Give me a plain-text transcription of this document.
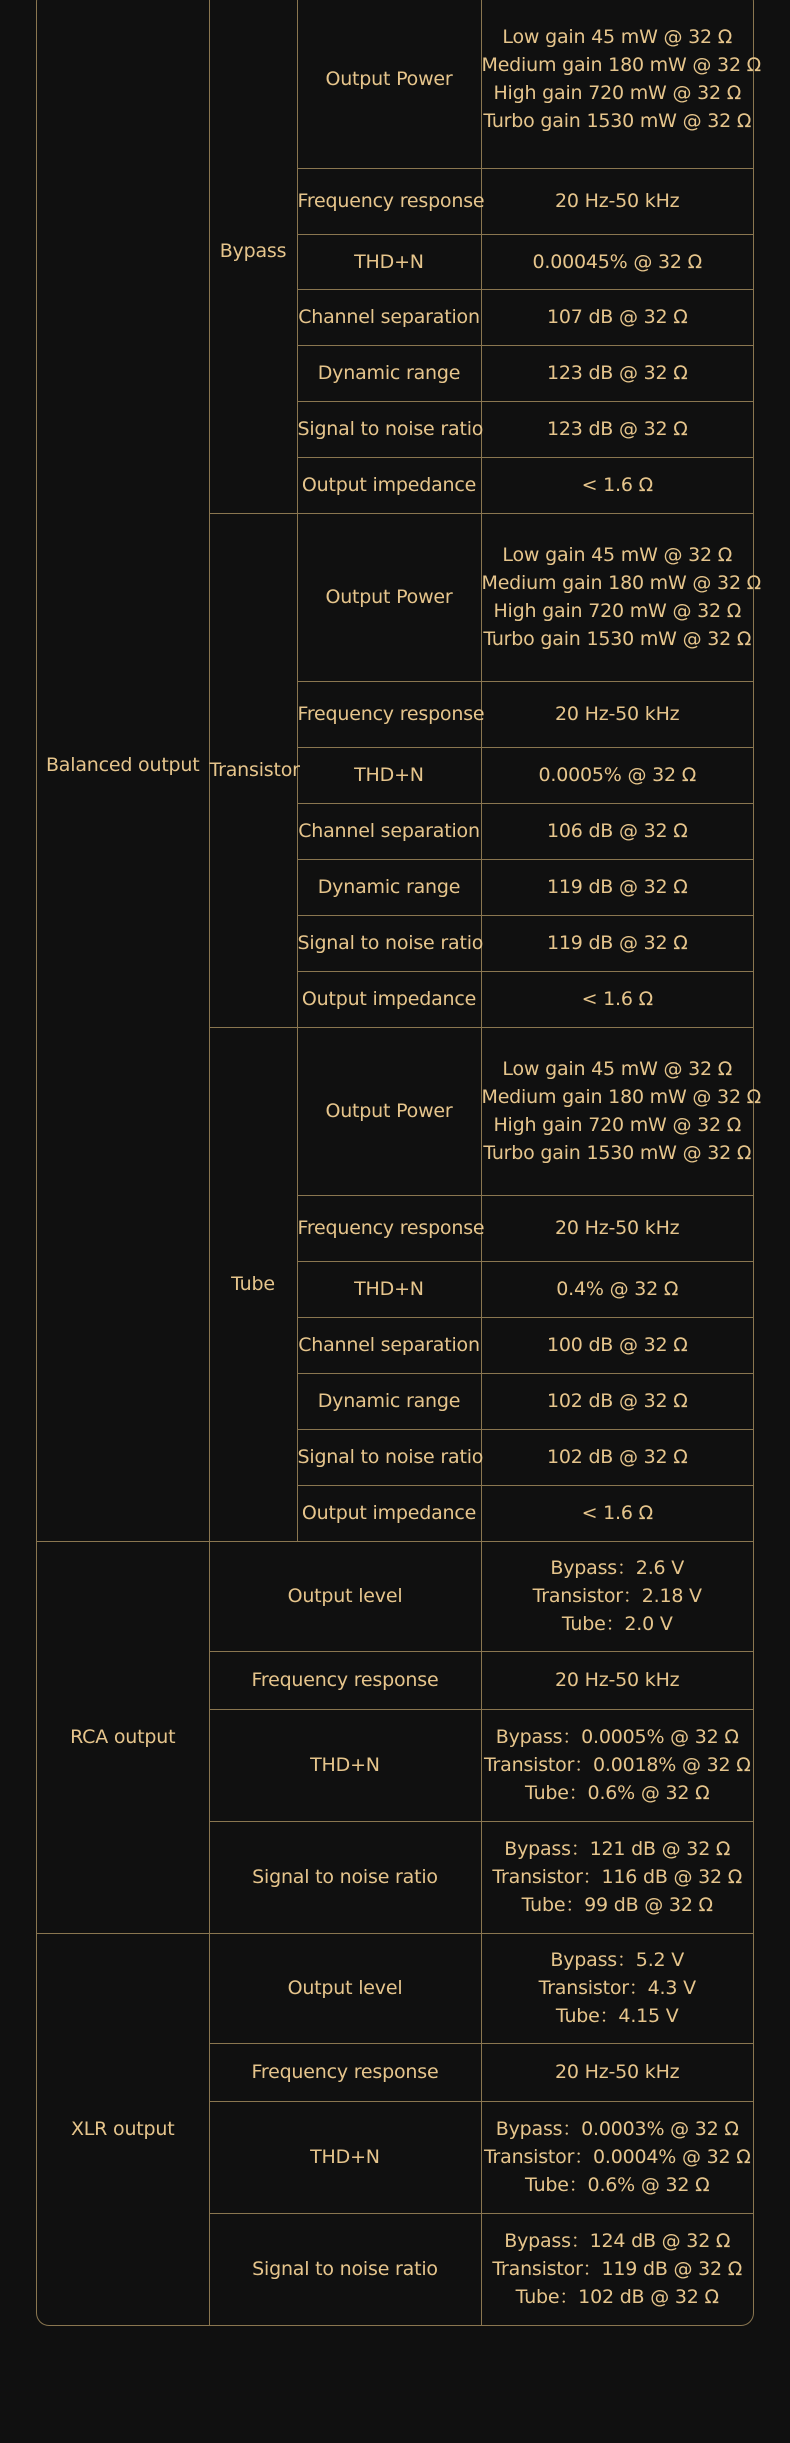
Balanced output	Bypass	Output Power	Low gain 45 mW @ 32 Ω
Medium gain 180 mW @ 32 Ω
High gain 720 mW @ 32 Ω
Turbo gain 1530 mW @ 32 Ω

		Frequency response	20 Hz-50 kHz
		THD+N	0.00045% @ 32 Ω
		Channel separation	107 dB @ 32 Ω
		Dynamic range	123 dB @ 32 Ω
		Signal to noise ratio	123 dB @ 32 Ω
		Output impedance	< 1.6 Ω
	Transistor	Output Power	Low gain 45 mW @ 32 Ω
Medium gain 180 mW @ 32 Ω
High gain 720 mW @ 32 Ω
Turbo gain 1530 mW @ 32 Ω

		Frequency response	20 Hz-50 kHz
		THD+N	0.0005% @ 32 Ω
		Channel separation	106 dB @ 32 Ω
		Dynamic range	119 dB @ 32 Ω
		Signal to noise ratio	119 dB @ 32 Ω
		Output impedance	< 1.6 Ω
	Tube	Output Power	Low gain 45 mW @ 32 Ω
Medium gain 180 mW @ 32 Ω
High gain 720 mW @ 32 Ω
Turbo gain 1530 mW @ 32 Ω

		Frequency response	20 Hz-50 kHz
		THD+N	0.4% @ 32 Ω
		Channel separation	100 dB @ 32 Ω
		Dynamic range	102 dB @ 32 Ω
		Signal to noise ratio	102 dB @ 32 Ω
		Output impedance	< 1.6 Ω
RCA output	Output level		Bypass：2.6 V
Transistor：2.18 V
Tube：2.0 V

	Frequency response		20 Hz-50 kHz
	THD+N		Bypass：0.0005% @ 32 Ω
Transistor：0.0018% @ 32 Ω
Tube：0.6% @ 32 Ω

	Signal to noise ratio		Bypass：121 dB @ 32 Ω
Transistor：116 dB @ 32 Ω
Tube：99 dB @ 32 Ω

XLR output	Output level		Bypass：5.2 V
Transistor：4.3 V
Tube：4.15 V

	Frequency response		20 Hz-50 kHz
	THD+N		Bypass：0.0003% @ 32 Ω
Transistor：0.0004% @ 32 Ω
Tube：0.6% @ 32 Ω

	Signal to noise ratio		Bypass：124 dB @ 32 Ω
Transistor：119 dB @ 32 Ω
Tube：102 dB @ 32 Ω
